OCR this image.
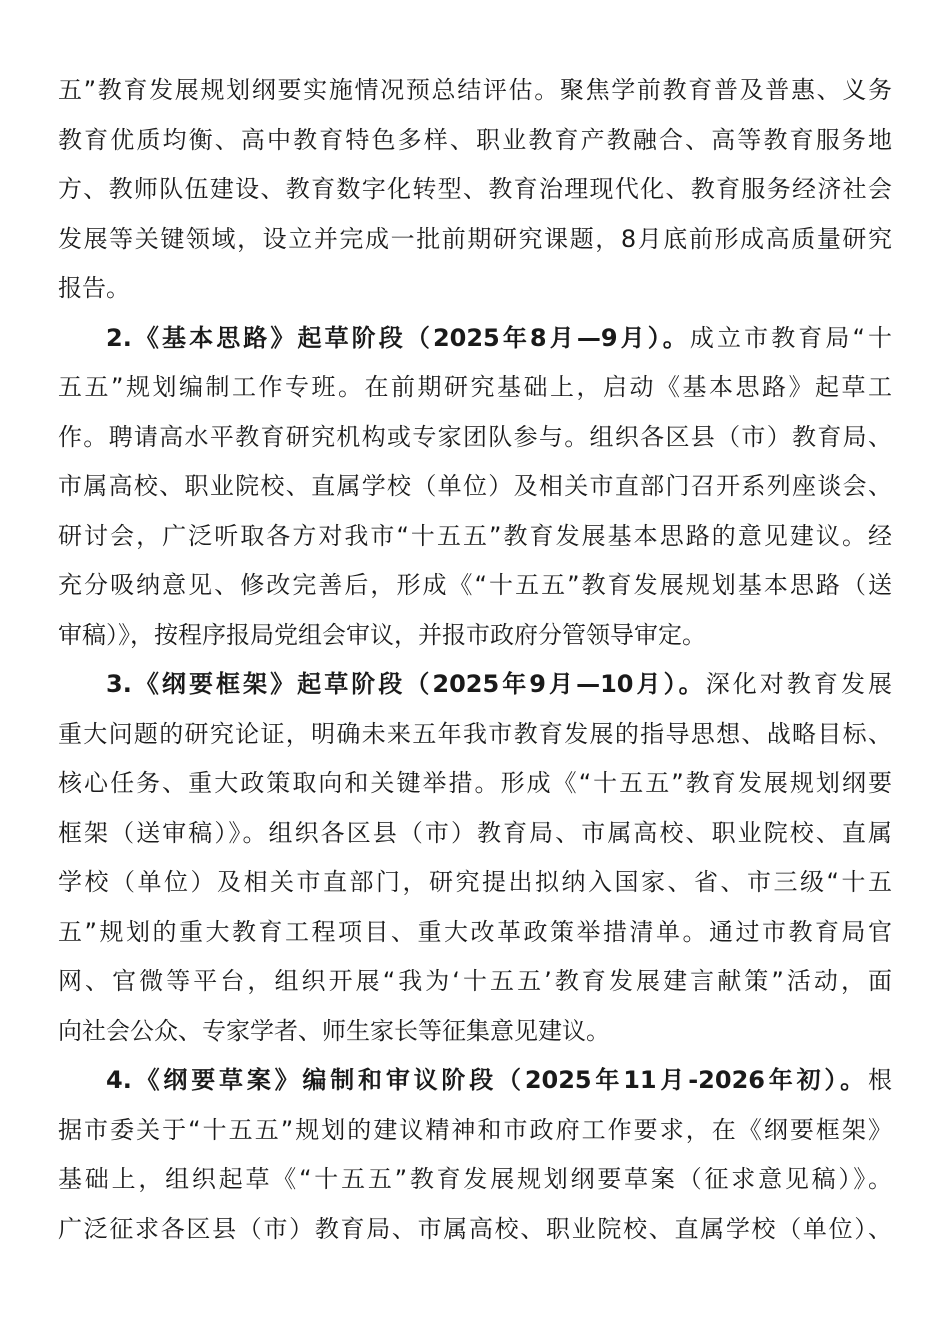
五”教育发展规划纲要实施情况预总结评估。聚焦学前教育普及普惠、义务
教育优质均衡、高中教育特色多样、职业教育产教融合、高等教育服务地
方、教师队伍建设、教育数字化转型、教育治理现代化、教育服务经济社会
发展等关键领域，设立并完成一批前期研究课题，8月底前形成高质量研究
报告。
2.《基本思路》起草阶段（2025年8月—9月）。成立市教育局“十
五五”规划编制工作专班。在前期研究基础上，启动《基本思路》起草工
作。聘请高水平教育研究机构或专家团队参与。组织各区县（市）教育局、
市属高校、职业院校、直属学校（单位）及相关市直部门召开系列座谈会、
研讨会，广泛听取各方对我市“十五五”教育发展基本思路的意见建议。经
充分吸纳意见、修改完善后，形成《“十五五”教育发展规划基本思路（送
审稿）》，按程序报局党组会审议，并报市政府分管领导审定。
3.《纲要框架》起草阶段（2025年9月—10月）。深化对教育发展
重大问题的研究论证，明确未来五年我市教育发展的指导思想、战略目标、
核心任务、重大政策取向和关键举措。形成《“十五五”教育发展规划纲要
框架（送审稿）》。组织各区县（市）教育局、市属高校、职业院校、直属
学校（单位）及相关市直部门，研究提出拟纳入国家、省、市三级“十五
五”规划的重大教育工程项目、重大改革政策举措清单。通过市教育局官
网、官微等平台，组织开展“我为‘十五五’教育发展建言献策”活动，面
向社会公众、专家学者、师生家长等征集意见建议。
4.《纲要草案》编制和审议阶段（2025年11月-2026年初）。根
据市委关于“十五五”规划的建议精神和市政府工作要求，在《纲要框架》
基础上，组织起草《“十五五”教育发展规划纲要草案（征求意见稿）》。
广泛征求各区县（市）教育局、市属高校、职业院校、直属学校（单位）、
